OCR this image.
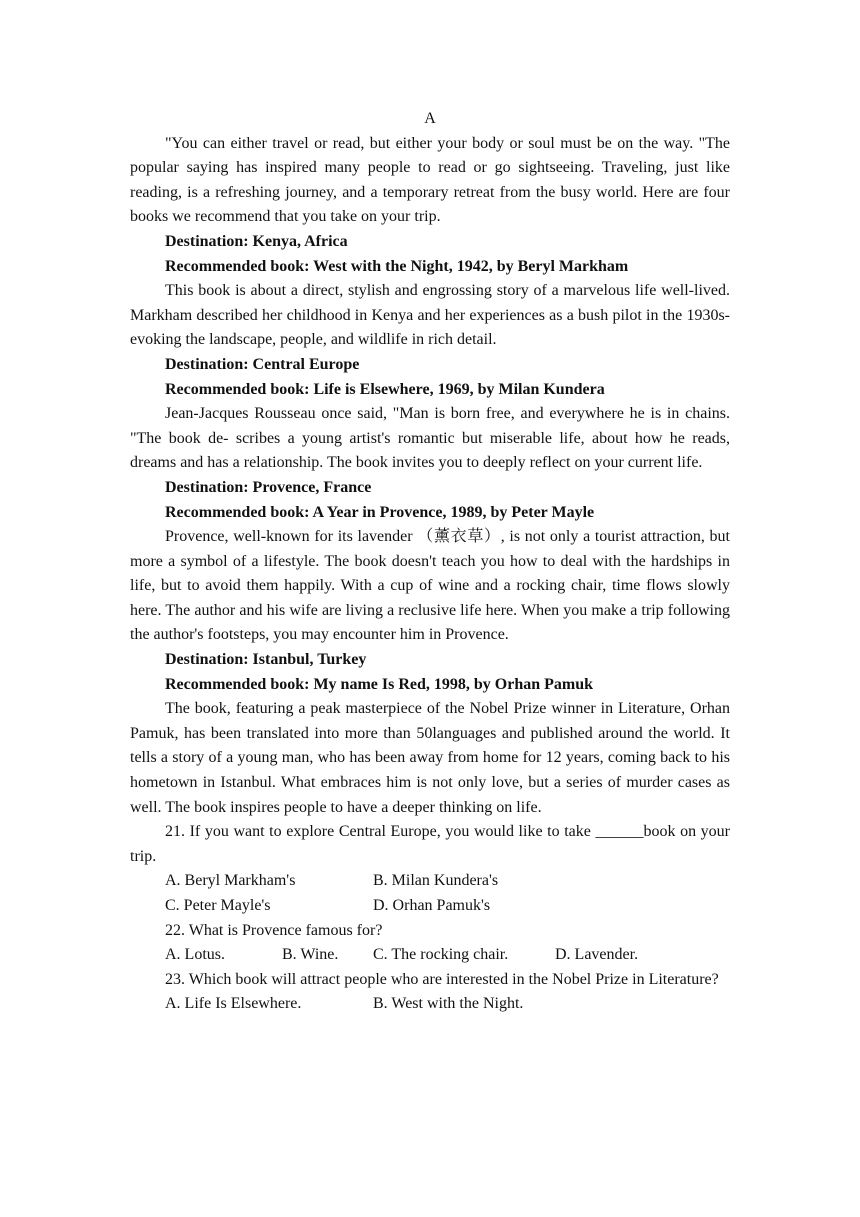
A

"You can either travel or read, but either your body or soul must be on the way. "The popular saying has inspired many people to read or go sightseeing. Traveling, just like reading, is a refreshing journey, and a temporary retreat from the busy world. Here are four books we recommend that you take on your trip.

Destination: Kenya, Africa

Recommended book: West with the Night, 1942, by Beryl Markham

This book is about a direct, stylish and engrossing story of a marvelous life well-lived. Markham described her childhood in Kenya and her experiences as a bush pilot in the 1930s-evoking the landscape, people, and wildlife in rich detail.

Destination: Central Europe

Recommended book: Life is Elsewhere, 1969, by Milan Kundera

Jean-Jacques Rousseau once said, "Man is born free, and everywhere he is in chains. "The book de- scribes a young artist's romantic but miserable life, about how he reads, dreams and has a relationship. The book invites you to deeply reflect on your current life.

Destination: Provence, France

Recommended book: A Year in Provence, 1989, by Peter Mayle

Provence, well-known for its lavender （薰衣草）, is not only a tourist attraction, but more a symbol of a lifestyle. The book doesn't teach you how to deal with the hardships in life, but to avoid them happily. With a cup of wine and a rocking chair, time flows slowly here. The author and his wife are living a reclusive life here. When you make a trip following the author's footsteps, you may encounter him in Provence.

Destination: Istanbul, Turkey

Recommended book: My name Is Red, 1998, by Orhan Pamuk

The book, featuring a peak masterpiece of the Nobel Prize winner in Literature, Orhan Pamuk, has been translated into more than 50languages and published around the world. It tells a story of a young man, who has been away from home for 12 years, coming back to his hometown in Istanbul. What embraces him is not only love, but a series of murder cases as well. The book inspires people to have a deeper thinking on life.

21. If you want to explore Central Europe, you would like to take ______book on your trip.

A. Beryl Markham's	B. Milan Kundera's
C. Peter Mayle's	D. Orhan Pamuk's

22. What is Provence famous for?

A. Lotus.	B. Wine.	C. The rocking chair.	D. Lavender.

23. Which book will attract people who are interested in the Nobel Prize in Literature?

A. Life Is Elsewhere.	B. West with the Night.
